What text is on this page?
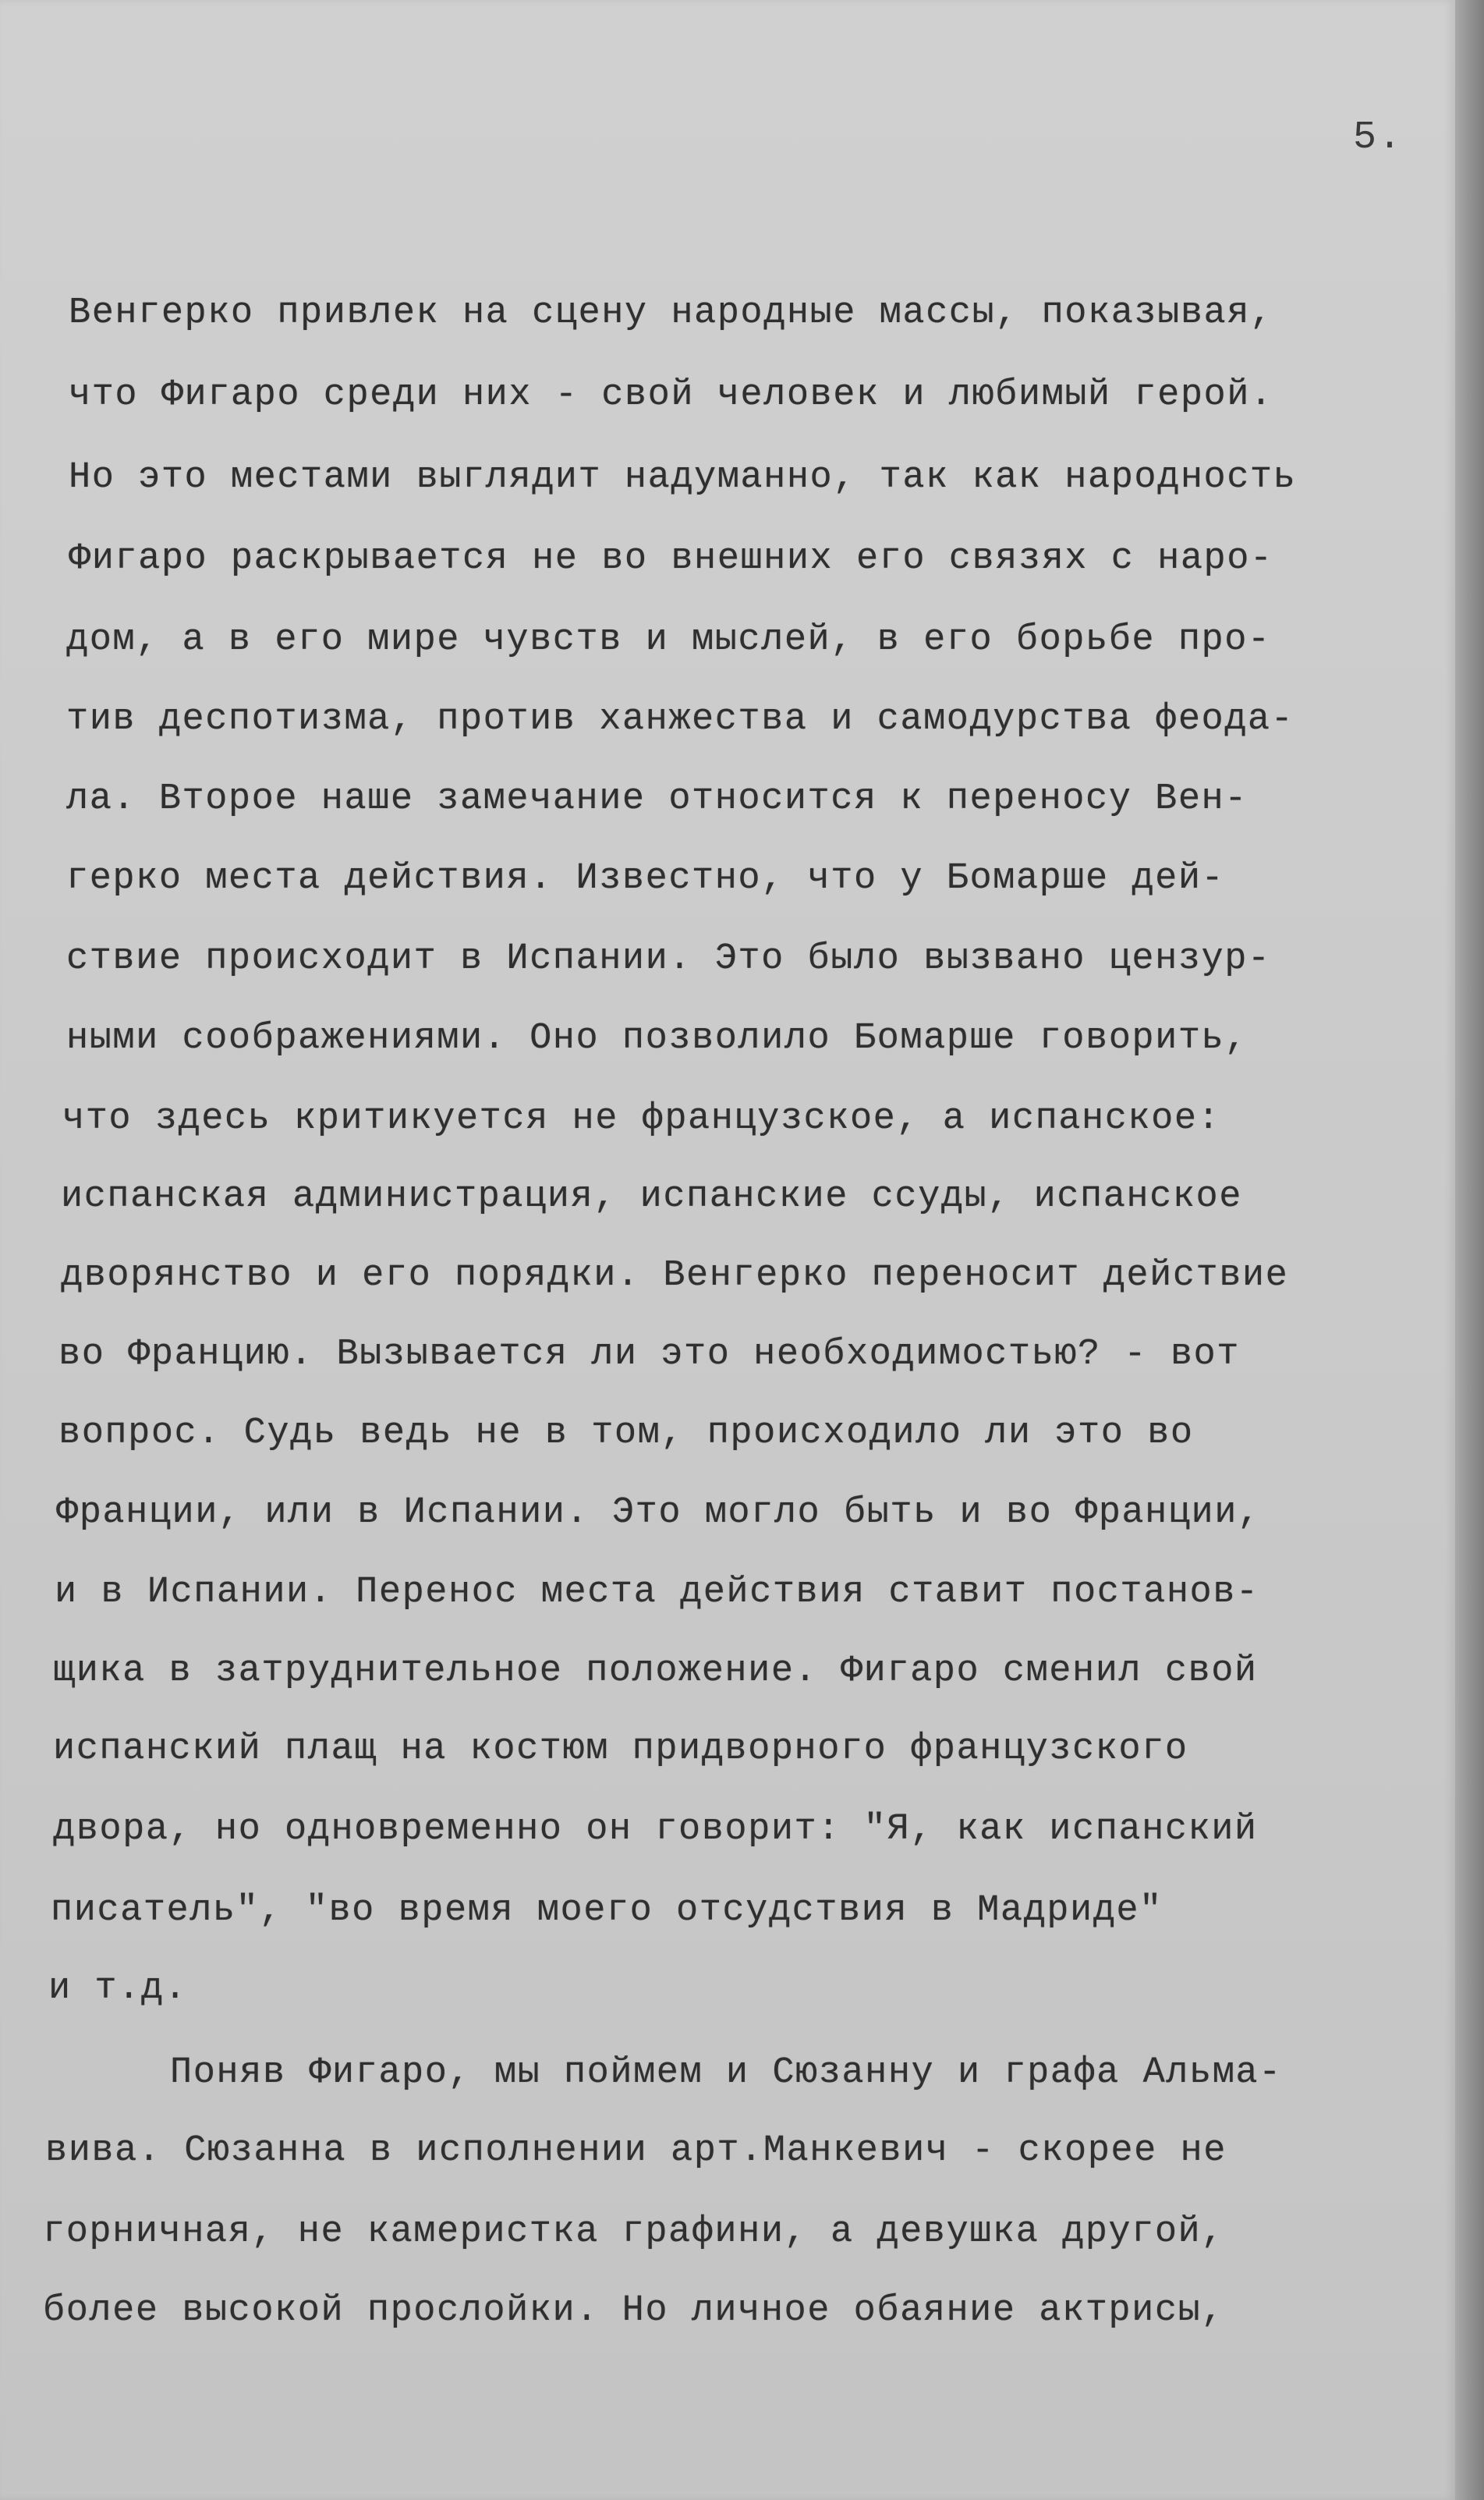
5.
Венгерко привлек на сцену народные массы, показывая,
что Фигаро среди них - свой человек и любимый герой.
Но это местами выглядит надуманно, так как народность
Фигаро раскрывается не во внешних его связях с наро-
дом, а в его мире чувств и мыслей, в его борьбе про-
тив деспотизма, против ханжества и самодурства феода-
ла. Второе наше замечание относится к переносу Вен-
герко места действия. Известно, что у Бомарше дей-
ствие происходит в Испании. Это было вызвано цензур-
ными соображениями. Оно позволило Бомарше говорить,
что здесь критикуется не французское, а испанское:
испанская администрация, испанские ссуды, испанское
дворянство и его порядки. Венгерко переносит действие
во Францию. Вызывается ли это необходимостью? - вот
вопрос. Судь ведь не в том, происходило ли это во
Франции, или в Испании. Это могло быть и во Франции,
и в Испании. Перенос места действия ставит постанов-
щика в затруднительное положение. Фигаро сменил свой
испанский плащ на костюм придворного французского
двора, но одновременно он говорит: "Я, как испанский
писатель", "во время моего отсудствия в Мадриде"
и т.д.
Поняв Фигаро, мы поймем и Сюзанну и графа Альма-
вива. Сюзанна в исполнении арт.Манкевич - скорее не
горничная, не камеристка графини, а девушка другой,
более высокой прослойки. Но личное обаяние актрисы,
